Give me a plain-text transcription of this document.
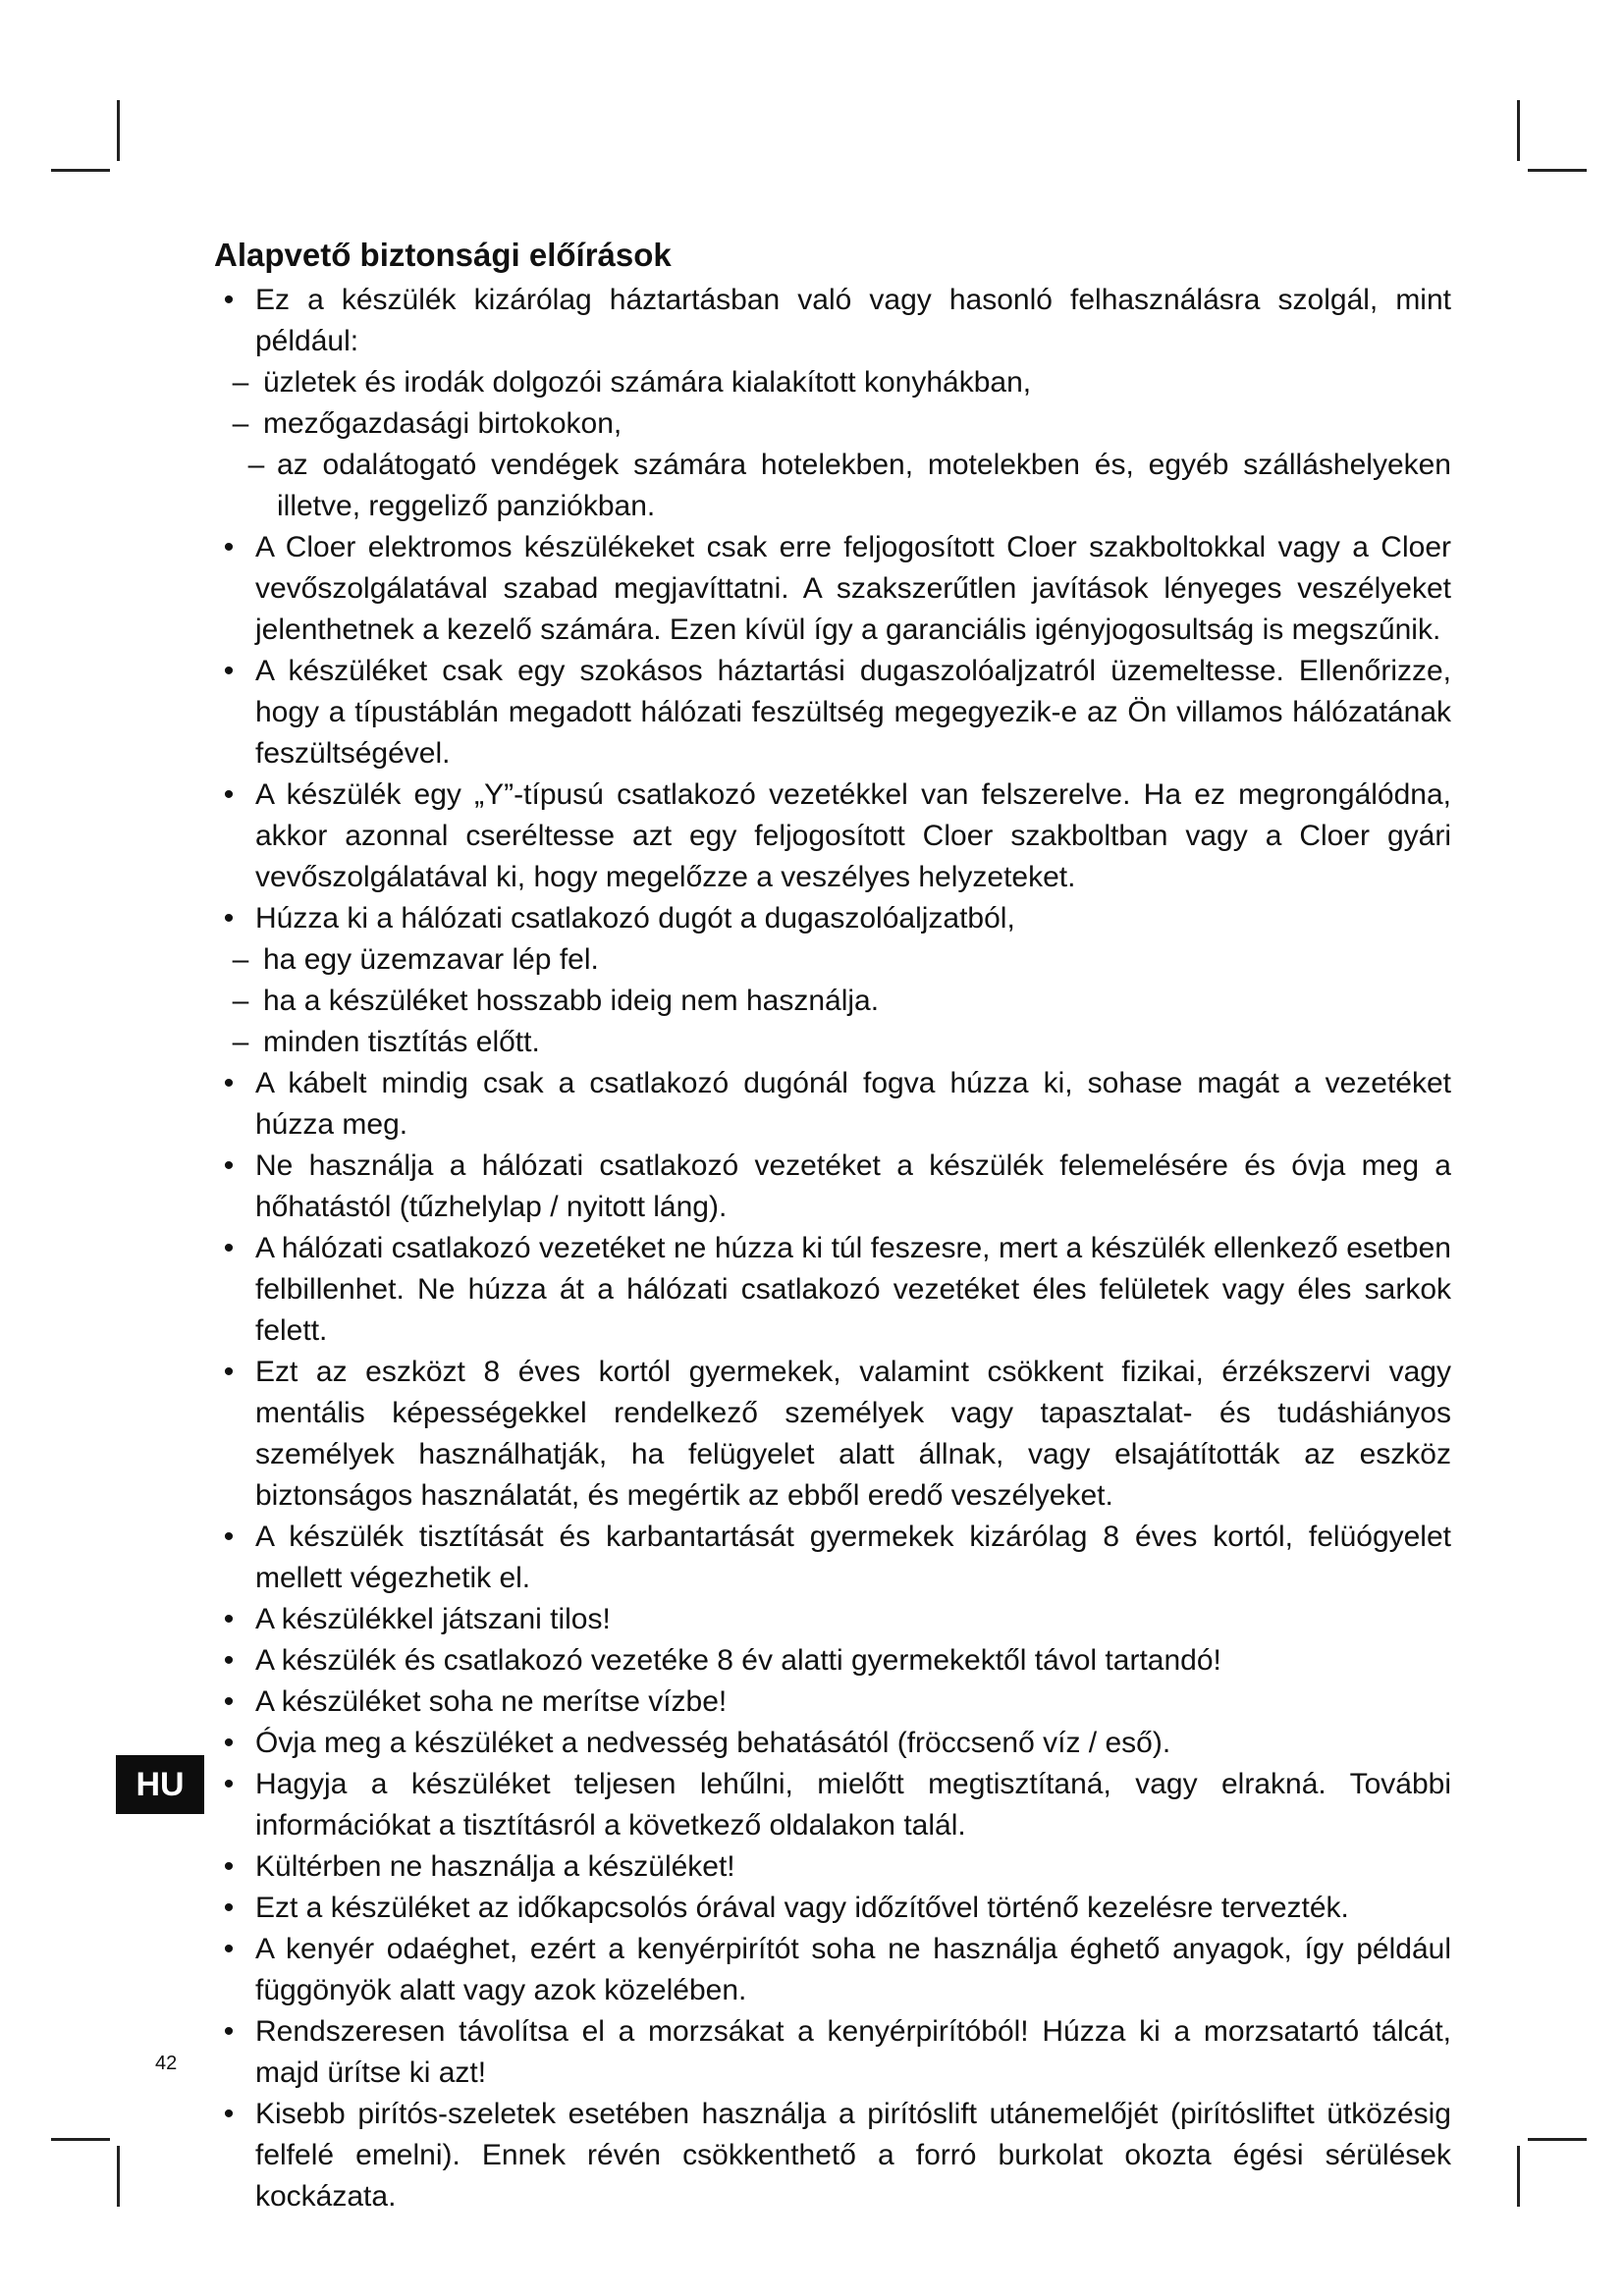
Alapvető biztonsági előírások
• Ez a készülék kizárólag háztartásban való vagy hasonló felhasználásra szolgál, mint például:
– üzletek és irodák dolgozói számára kialakított konyhákban,
– mezőgazdasági birtokokon,
– az odalátogató vendégek számára hotelekben, motelekben és, egyéb szálláshelyeken illetve, reggeliző panziókban.
• A Cloer elektromos készülékeket csak erre feljogosított Cloer szakboltokkal vagy a Cloer vevőszolgálatával szabad megjavíttatni. A szakszerűtlen javítások lényeges veszélyeket jelenthetnek a kezelő számára. Ezen kívül így a garanciális igényjogosultság is megszűnik.
• A készüléket csak egy szokásos háztartási dugaszolóaljzatról üzemeltesse. Ellenőrizze, hogy a típustáblán megadott hálózati feszültség megegyezik-e az Ön villamos hálózatának feszültségével.
• A készülék egy „Y”-típusú csatlakozó vezetékkel van felszerelve. Ha ez megrongálódna, akkor azonnal cseréltesse azt egy feljogosított Cloer szakboltban vagy a Cloer gyári vevőszolgálatával ki, hogy megelőzze a veszélyes helyzeteket.
• Húzza ki a hálózati csatlakozó dugót a dugaszolóaljzatból,
– ha egy üzemzavar lép fel.
– ha a készüléket hosszabb ideig nem használja.
– minden tisztítás előtt.
• A kábelt mindig csak a csatlakozó dugónál fogva húzza ki, sohase magát a vezetéket húzza meg.
• Ne használja a hálózati csatlakozó vezetéket a készülék felemelésére és óvja meg a hőhatástól (tűzhelylap / nyitott láng).
• A hálózati csatlakozó vezetéket ne húzza ki túl feszesre, mert a készülék ellenkező esetben felbillenhet. Ne húzza át a hálózati csatlakozó vezetéket éles felületek vagy éles sarkok felett.
• Ezt az eszközt 8 éves kortól gyermekek, valamint csökkent fizikai, érzékszervi vagy mentális képességekkel rendelkező személyek vagy tapasztalat- és tudáshiányos személyek használhatják, ha felügyelet alatt állnak, vagy elsajátították az eszköz biztonságos használatát, és megértik az ebből eredő veszélyeket.
• A készülék tisztítását és karbantartását gyermekek kizárólag 8 éves kortól, felüógyelet mellett végezhetik el.
• A készülékkel játszani tilos!
• A készülék és csatlakozó vezetéke 8 év alatti gyermekektől távol tartandó!
• A készüléket soha ne merítse vízbe!
• Óvja meg a készüléket a nedvesség behatásától (fröccsenő víz / eső).
• Hagyja a készüléket teljesen lehűlni, mielőtt megtisztítaná, vagy elrakná. További információkat a tisztításról a következő oldalakon talál.
• Kültérben ne használja a készüléket!
• Ezt a készüléket az időkapcsolós órával vagy időzítővel történő kezelésre tervezték.
• A kenyér odaéghet, ezért a kenyérpirítót soha ne használja éghető anyagok, így például függönyök alatt vagy azok közelében.
• Rendszeresen távolítsa el a morzsákat a kenyérpirítóból! Húzza ki a morzsatartó tálcát, majd ürítse ki azt!
• Kisebb pirítós-szeletek esetében használja a pirítóslift utánemelőjét (pirítósliftet ütközésig felfelé emelni). Ennek révén csökkenthető a forró burkolat okozta égési sérülések kockázata.
HU
42
